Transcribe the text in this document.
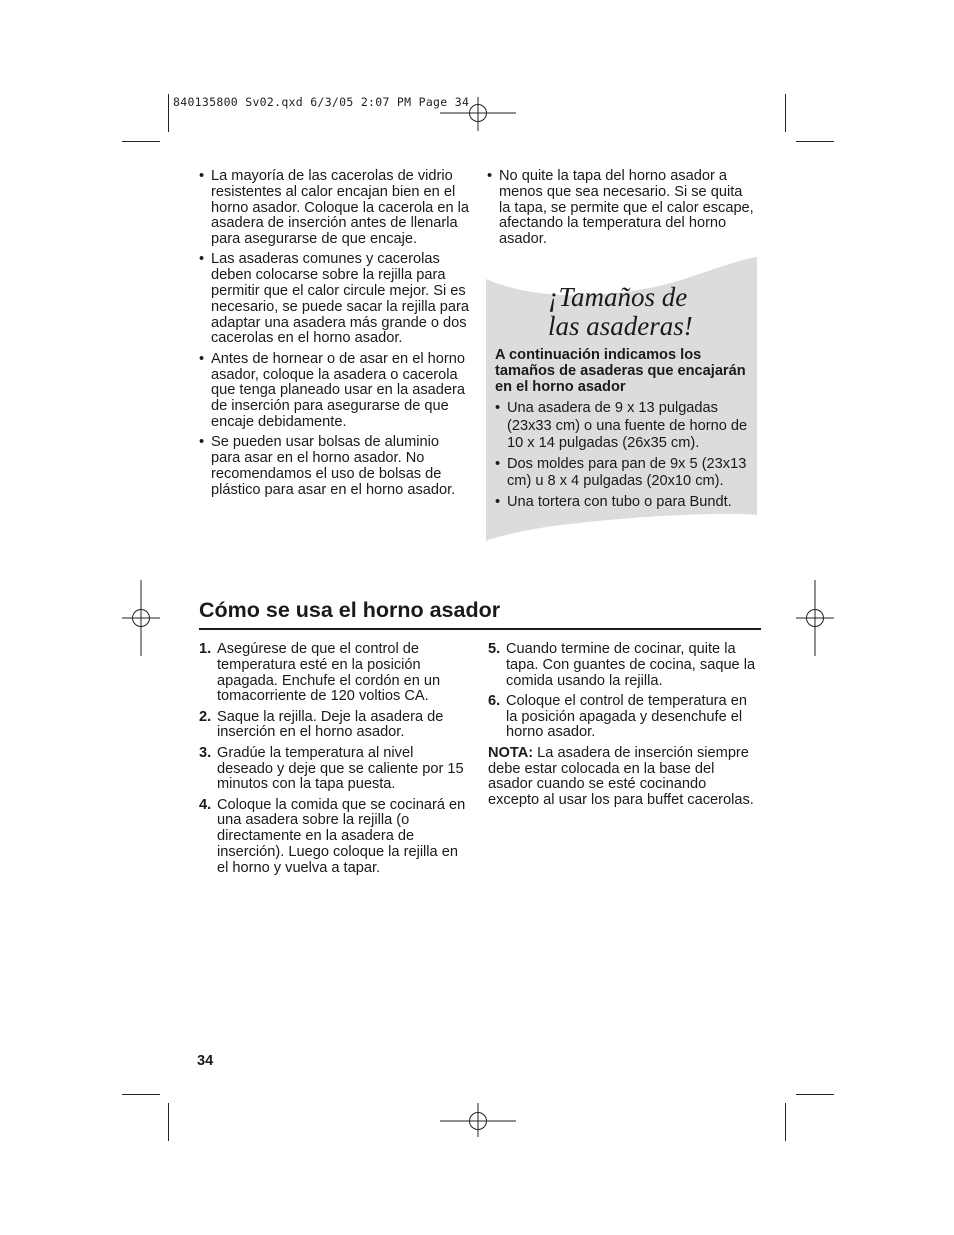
840135800 Sv02.qxd 6/3/05 2:07 PM Page 34
• La mayoría de las cacerolas de vidrio resistentes al calor encajan bien en el horno asador. Coloque la cacerola en la asadera de inserción antes de llenarla para asegurarse de que encaje.
• Las asaderas comunes y cacerolas deben colocarse sobre la rejilla para permitir que el calor circule mejor. Si es necesario, se puede sacar la rejilla para adaptar una asadera más grande o dos cacerolas en el horno asador.
• Antes de hornear o de asar en el horno asador, coloque la asadera o cacerola que tenga planeado usar en la asadera de inserción para asegurarse de que encaje debidamente.
• Se pueden usar bolsas de aluminio para asar en el horno asador. No recomendamos el uso de bolsas de plástico para asar en el horno asador.
• No quite la tapa del horno asador a menos que sea necesario. Si se quita la tapa, se permite que el calor escape, afectando la temperatura del horno asador.
¡Tamaños de
las asaderas!
A continuación indicamos los tamaños de asaderas que encajarán en el horno asador
• Una asadera de 9 x 13 pulgadas (23x33 cm) o una fuente de horno de 10 x 14 pulgadas (26x35 cm).
• Dos moldes para pan de 9x 5 (23x13 cm) u 8 x 4 pulgadas (20x10 cm).
• Una tortera con tubo o para Bundt.
Cómo se usa el horno asador
1. Asegúrese de que el control de temperatura esté en la posición apagada. Enchufe el cordón en un tomacorriente de 120 voltios CA.
2. Saque la rejilla. Deje la asadera de inserción en el horno asador.
3. Gradúe la temperatura al nivel deseado y deje que se caliente por 15 minutos con la tapa puesta.
4. Coloque la comida que se cocinará en una asadera sobre la rejilla (o directamente en la asadera de inserción). Luego coloque la rejilla en el horno y vuelva a tapar.
5. Cuando termine de cocinar, quite la tapa. Con guantes de cocina, saque la comida usando la rejilla.
6. Coloque el control de temperatura en la posición apagada y desenchufe el horno asador.
NOTA: La asadera de inserción siempre debe estar colocada en la base del asador cuando se esté cocinando excepto al usar los para buffet cacerolas.
34
